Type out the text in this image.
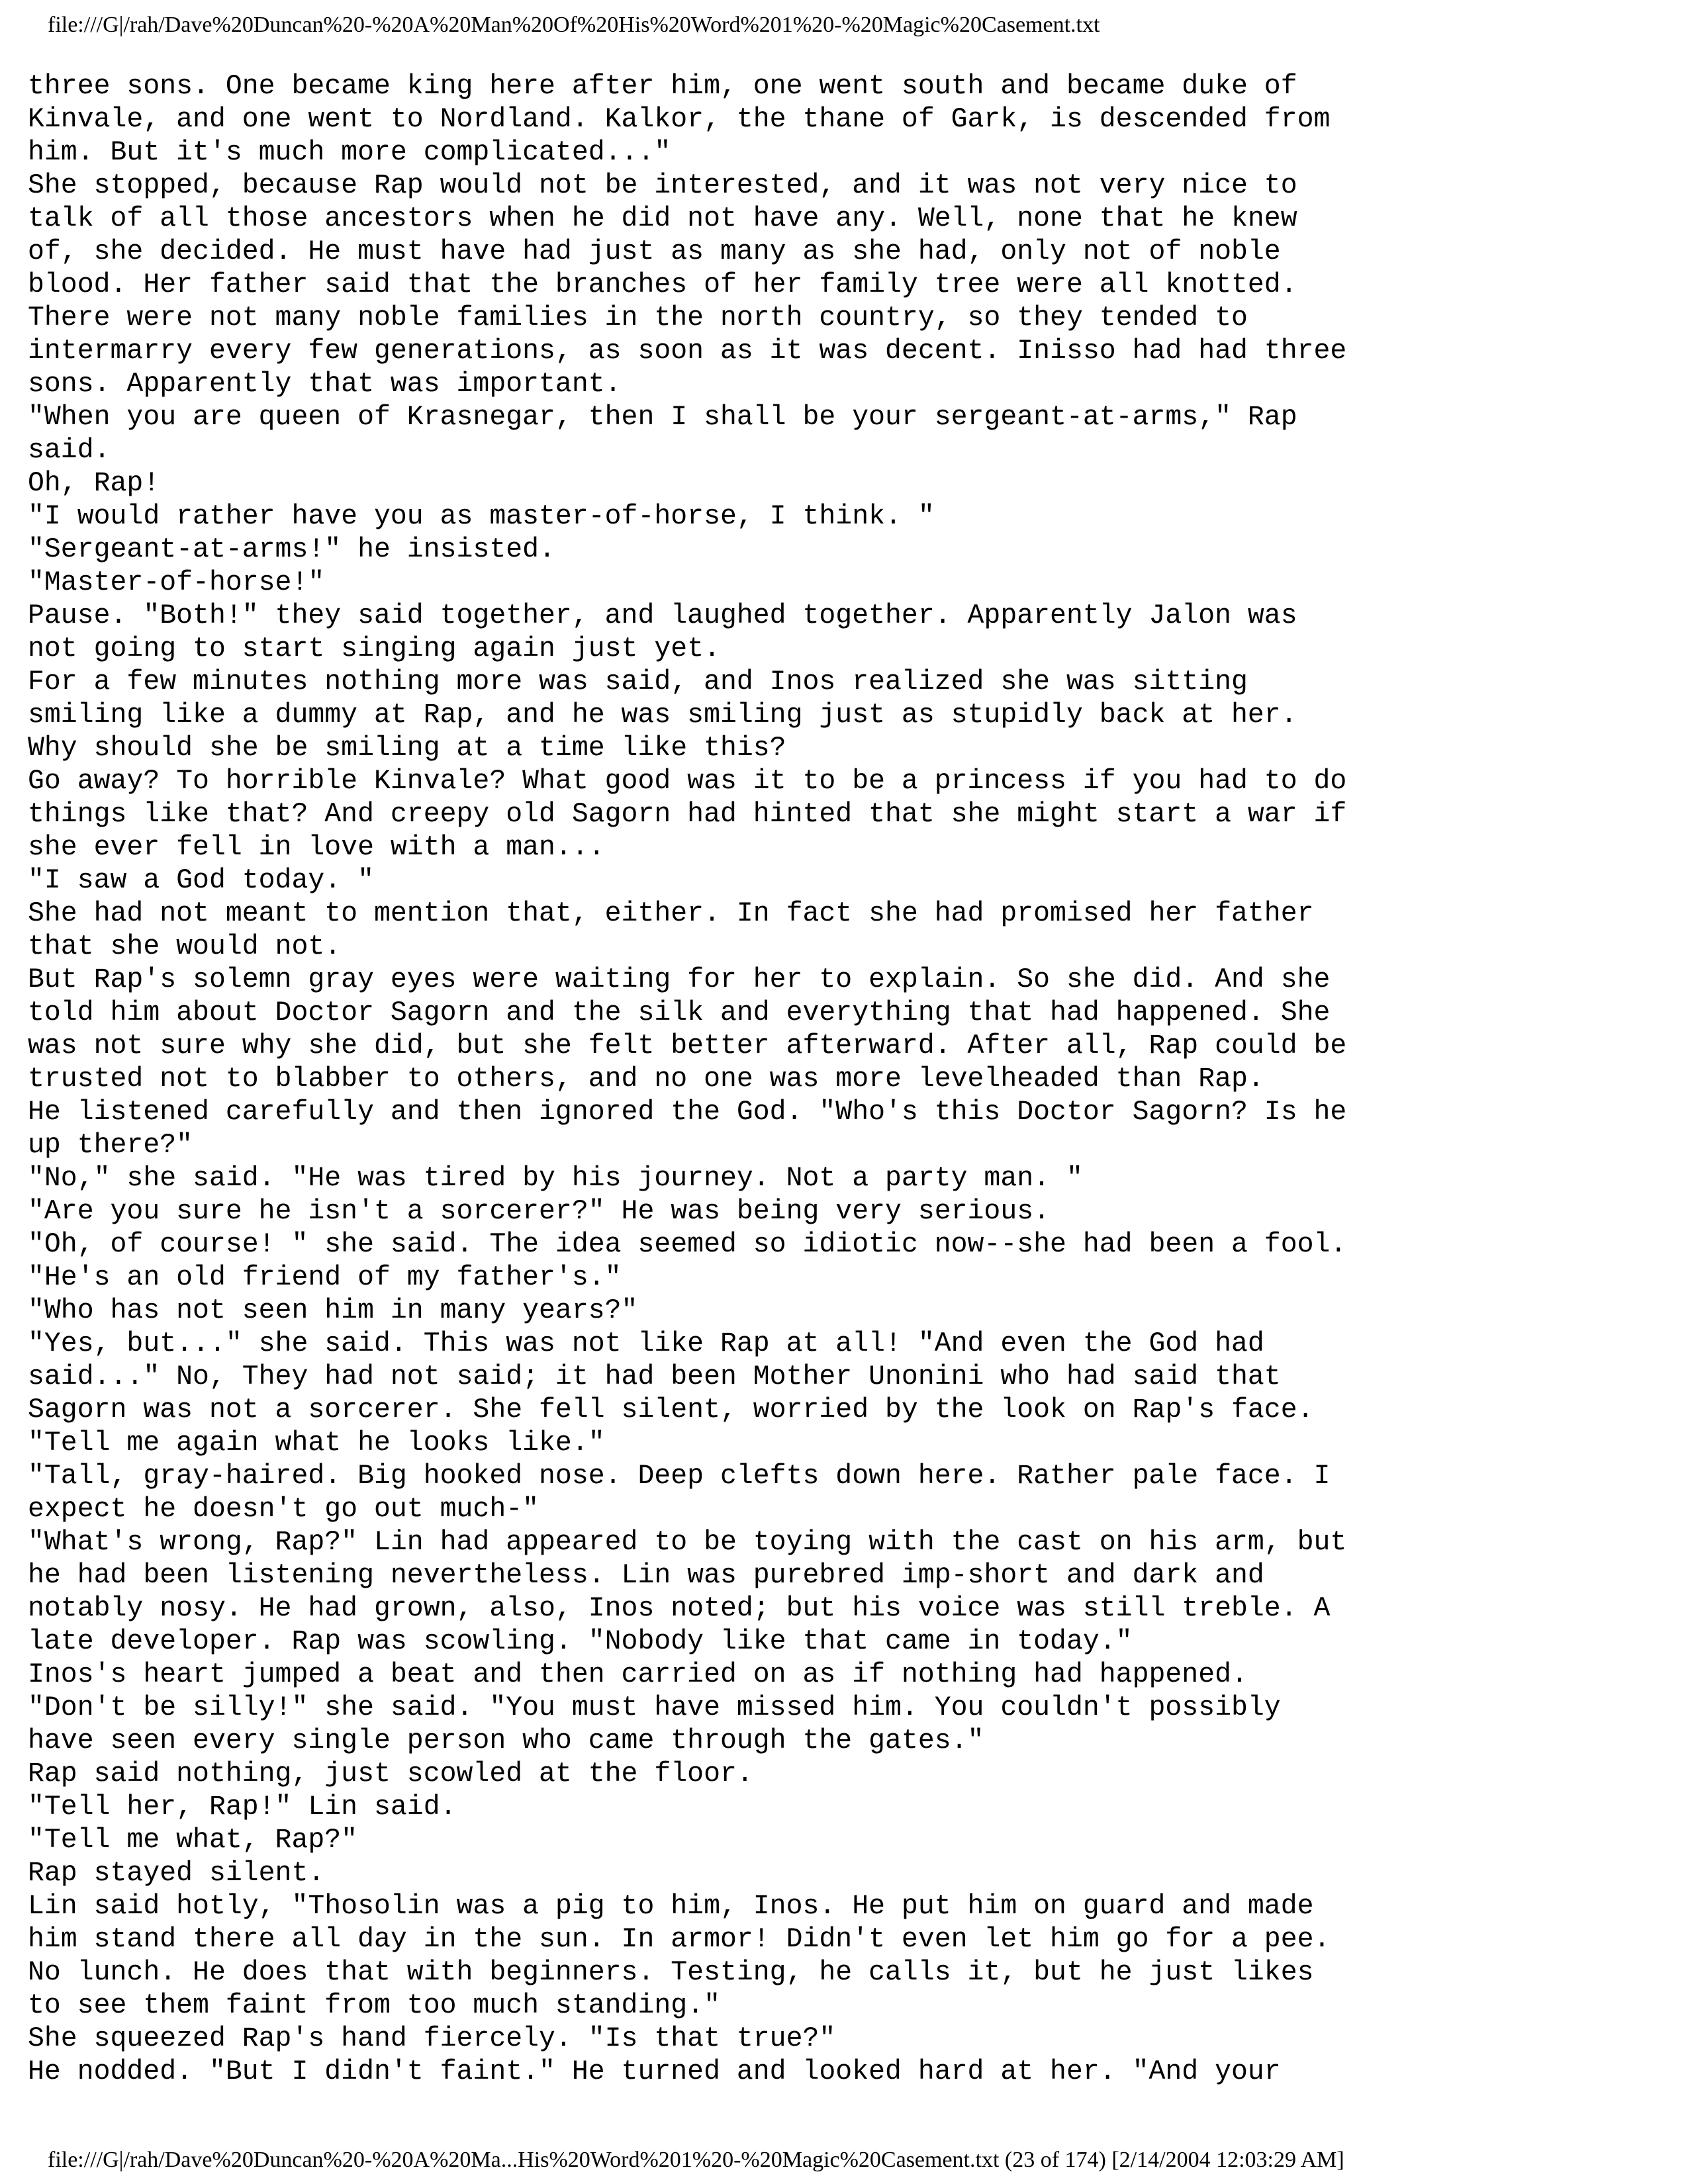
file:///G|/rah/Dave%20Duncan%20-%20A%20Man%20Of%20His%20Word%201%20-%20Magic%20Casement.txt
three sons. One became king here after him, one went south and became duke of
Kinvale, and one went to Nordland. Kalkor, the thane of Gark, is descended from
him. But it's much more complicated..."
She stopped, because Rap would not be interested, and it was not very nice to
talk of all those ancestors when he did not have any. Well, none that he knew
of, she decided. He must have had just as many as she had, only not of noble
blood. Her father said that the branches of her family tree were all knotted.
There were not many noble families in the north country, so they tended to
intermarry every few generations, as soon as it was decent. Inisso had had three
sons. Apparently that was important.
"When you are queen of Krasnegar, then I shall be your sergeant-at-arms," Rap
said.
Oh, Rap!
"I would rather have you as master-of-horse, I think. "
"Sergeant-at-arms!" he insisted.
"Master-of-horse!"
Pause. "Both!" they said together, and laughed together. Apparently Jalon was
not going to start singing again just yet.
For a few minutes nothing more was said, and Inos realized she was sitting
smiling like a dummy at Rap, and he was smiling just as stupidly back at her.
Why should she be smiling at a time like this?
Go away? To horrible Kinvale? What good was it to be a princess if you had to do
things like that? And creepy old Sagorn had hinted that she might start a war if
she ever fell in love with a man...
"I saw a God today. "
She had not meant to mention that, either. In fact she had promised her father
that she would not.
But Rap's solemn gray eyes were waiting for her to explain. So she did. And she
told him about Doctor Sagorn and the silk and everything that had happened. She
was not sure why she did, but she felt better afterward. After all, Rap could be
trusted not to blabber to others, and no one was more levelheaded than Rap.
He listened carefully and then ignored the God. "Who's this Doctor Sagorn? Is he
up there?"
"No," she said. "He was tired by his journey. Not a party man. "
"Are you sure he isn't a sorcerer?" He was being very serious.
"Oh, of course! " she said. The idea seemed so idiotic now--she had been a fool.
"He's an old friend of my father's."
"Who has not seen him in many years?"
"Yes, but..." she said. This was not like Rap at all! "And even the God had
said..." No, They had not said; it had been Mother Unonini who had said that
Sagorn was not a sorcerer. She fell silent, worried by the look on Rap's face.
"Tell me again what he looks like."
"Tall, gray-haired. Big hooked nose. Deep clefts down here. Rather pale face. I
expect he doesn't go out much-"
"What's wrong, Rap?" Lin had appeared to be toying with the cast on his arm, but
he had been listening nevertheless. Lin was purebred imp-short and dark and
notably nosy. He had grown, also, Inos noted; but his voice was still treble. A
late developer. Rap was scowling. "Nobody like that came in today."
Inos's heart jumped a beat and then carried on as if nothing had happened.
"Don't be silly!" she said. "You must have missed him. You couldn't possibly
have seen every single person who came through the gates."
Rap said nothing, just scowled at the floor.
"Tell her, Rap!" Lin said.
"Tell me what, Rap?"
Rap stayed silent.
Lin said hotly, "Thosolin was a pig to him, Inos. He put him on guard and made
him stand there all day in the sun. In armor! Didn't even let him go for a pee.
No lunch. He does that with beginners. Testing, he calls it, but he just likes
to see them faint from too much standing."
She squeezed Rap's hand fiercely. "Is that true?"
He nodded. "But I didn't faint." He turned and looked hard at her. "And your
file:///G|/rah/Dave%20Duncan%20-%20A%20Ma...His%20Word%201%20-%20Magic%20Casement.txt (23 of 174) [2/14/2004 12:03:29 AM]
